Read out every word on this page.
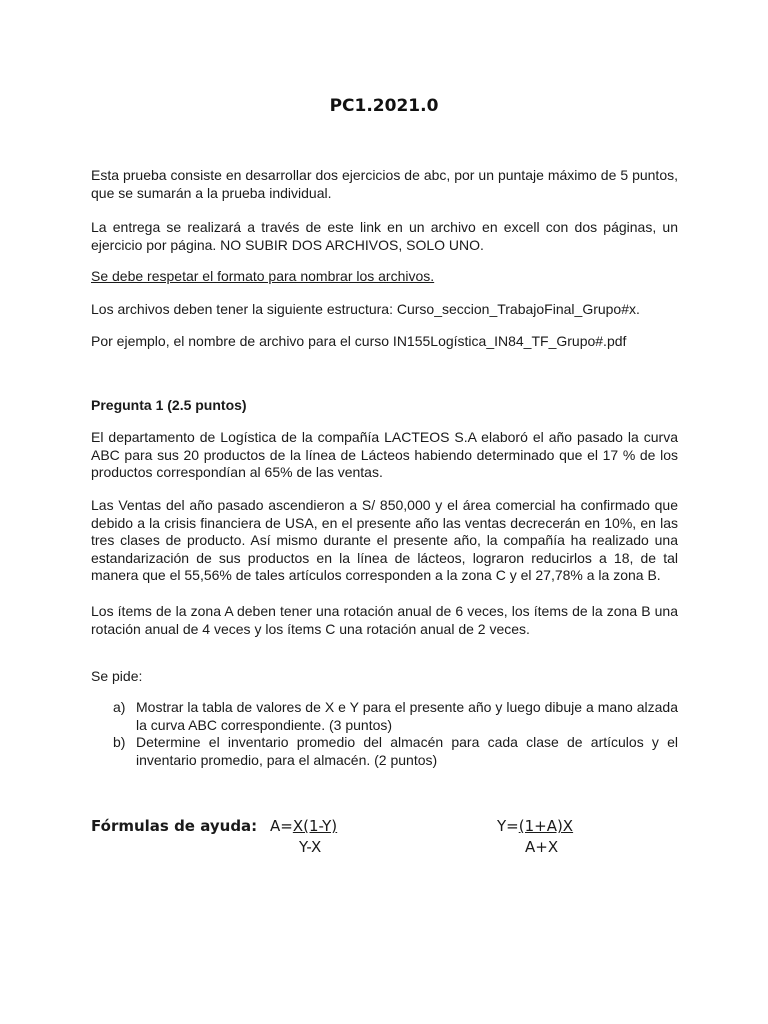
PC1.2021.0

Esta prueba consiste en desarrollar dos ejercicios de abc, por un puntaje máximo de 5 puntos, que se sumarán a la prueba individual.

La entrega se realizará a través de este link en un archivo en excell con dos páginas, un ejercicio por página. NO SUBIR DOS ARCHIVOS, SOLO UNO.

Se debe respetar el formato para nombrar los archivos.

Los archivos deben tener la siguiente estructura: Curso_seccion_TrabajoFinal_Grupo#x.

Por ejemplo, el nombre de archivo para el curso IN155Logística_IN84_TF_Grupo#.pdf

Pregunta 1 (2.5 puntos)

El departamento de Logística de la compañía LACTEOS S.A elaboró el año pasado la curva ABC para sus 20 productos de la línea de Lácteos habiendo determinado que el 17 % de los productos correspondían al 65% de las ventas.

Las Ventas del año pasado ascendieron a S/ 850,000 y el área comercial ha confirmado que debido a la crisis financiera de USA, en el presente año las ventas decrecerán en 10%, en las tres clases de producto. Así mismo durante el presente año, la compañía ha realizado una estandarización de sus productos en la línea de lácteos, lograron reducirlos a 18, de tal manera que el 55,56% de tales artículos corresponden a la zona C y el 27,78% a la zona B.

Los ítems de la zona A deben tener una rotación anual de 6 veces, los ítems de la zona B una rotación anual de 4 veces y los ítems C una rotación anual de 2 veces.

Se pide:

a) Mostrar la tabla de valores de X e Y para el presente año y luego dibuje a mano alzada la curva ABC correspondiente. (3 puntos)
b) Determine el inventario promedio del almacén para cada clase de artículos y el inventario promedio, para el almacén. (2 puntos)
Fórmulas de ayuda: A=X(1-Y)
Y-X
Y=(1+A)X
A+X
